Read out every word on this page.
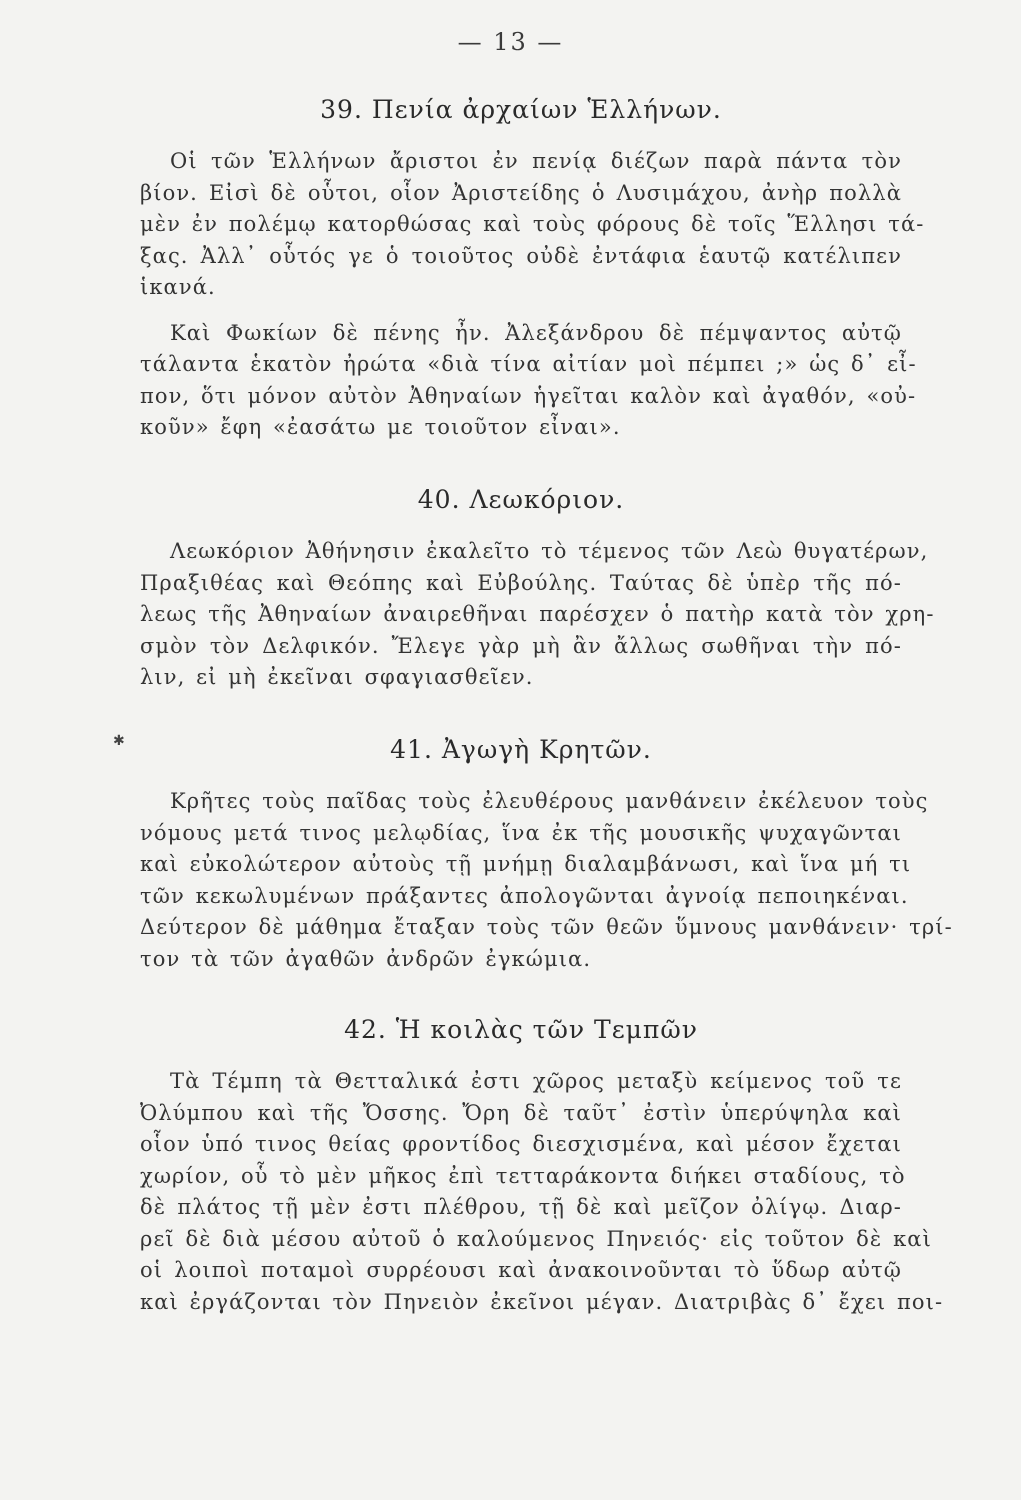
— 13 —
✱
39. Πενία ἀρχαίων Ἑλλήνων.

Οἱ τῶν Ἑλλήνων ἄριστοι ἐν πενίᾳ διέζων παρὰ πάντα τὸν
βίον. Εἰσὶ δὲ οὗτοι, οἷον Ἀριστείδης ὁ Λυσιμάχου, ἀνὴρ πολλὰ
μὲν ἐν πολέμῳ κατορθώσας καὶ τοὺς φόρους δὲ τοῖς Ἕλλησι τά-
ξας. Ἀλλ᾽ οὗτός γε ὁ τοιοῦτος οὐδὲ ἐντάφια ἑαυτῷ κατέλιπεν
ἱκανά.

Καὶ Φωκίων δὲ πένης ἦν. Ἀλεξάνδρου δὲ πέμψαντος αὐτῷ
τάλαντα ἑκατὸν ἠρώτα «διὰ τίνα αἰτίαν μοὶ πέμπει ;» ὡς δ᾽ εἶ-
πον, ὅτι μόνον αὐτὸν Ἀθηναίων ἡγεῖται καλὸν καὶ ἀγαθόν, «οὐ-
κοῦν» ἔφη «ἐασάτω με τοιοῦτον εἶναι».

40. Λεωκόριον.

Λεωκόριον Ἀθήνησιν ἐκαλεῖτο τὸ τέμενος τῶν Λεὼ θυγατέρων,
Πραξιθέας καὶ Θεόπης καὶ Εὐβούλης. Ταύτας δὲ ὑπὲρ τῆς πό-
λεως τῆς Ἀθηναίων ἀναιρεθῆναι παρέσχεν ὁ πατὴρ κατὰ τὸν χρη-
σμὸν τὸν Δελφικόν. Ἔλεγε γὰρ μὴ ἂν ἄλλως σωθῆναι τὴν πό-
λιν, εἰ μὴ ἐκεῖναι σφαγιασθεῖεν.

41. Ἀγωγὴ Κρητῶν.

Κρῆτες τοὺς παῖδας τοὺς ἐλευθέρους μανθάνειν ἐκέλευον τοὺς
νόμους μετά τινος μελῳδίας, ἵνα ἐκ τῆς μουσικῆς ψυχαγῶνται
καὶ εὐκολώτερον αὐτοὺς τῇ μνήμῃ διαλαμβάνωσι, καὶ ἵνα μή τι
τῶν κεκωλυμένων πράξαντες ἀπολογῶνται ἀγνοίᾳ πεποιηκέναι.
Δεύτερον δὲ μάθημα ἔταξαν τοὺς τῶν θεῶν ὕμνους μανθάνειν· τρί-
τον τὰ τῶν ἀγαθῶν ἀνδρῶν ἐγκώμια.

42. Ἡ κοιλὰς τῶν Τεμπῶν

Τὰ Τέμπη τὰ Θετταλικά ἐστι χῶρος μεταξὺ κείμενος τοῦ τε
Ὀλύμπου καὶ τῆς Ὄσσης. Ὄρη δὲ ταῦτ᾽ ἐστὶν ὑπερύψηλα καὶ
οἷον ὑπό τινος θείας φροντίδος διεσχισμένα, καὶ μέσον ἔχεται
χωρίον, οὗ τὸ μὲν μῆκος ἐπὶ τετταράκοντα διήκει σταδίους, τὸ
δὲ πλάτος τῇ μὲν ἐστι πλέθρου, τῇ δὲ καὶ μεῖζον ὀλίγῳ. Διαρ-
ρεῖ δὲ διὰ μέσου αὐτοῦ ὁ καλούμενος Πηνειός· εἰς τοῦτον δὲ καὶ
οἱ λοιποὶ ποταμοὶ συρρέουσι καὶ ἀνακοινοῦνται τὸ ὕδωρ αὐτῷ
καὶ ἐργάζονται τὸν Πηνειὸν ἐκεῖνοι μέγαν. Διατριβὰς δ᾽ ἔχει ποι-
